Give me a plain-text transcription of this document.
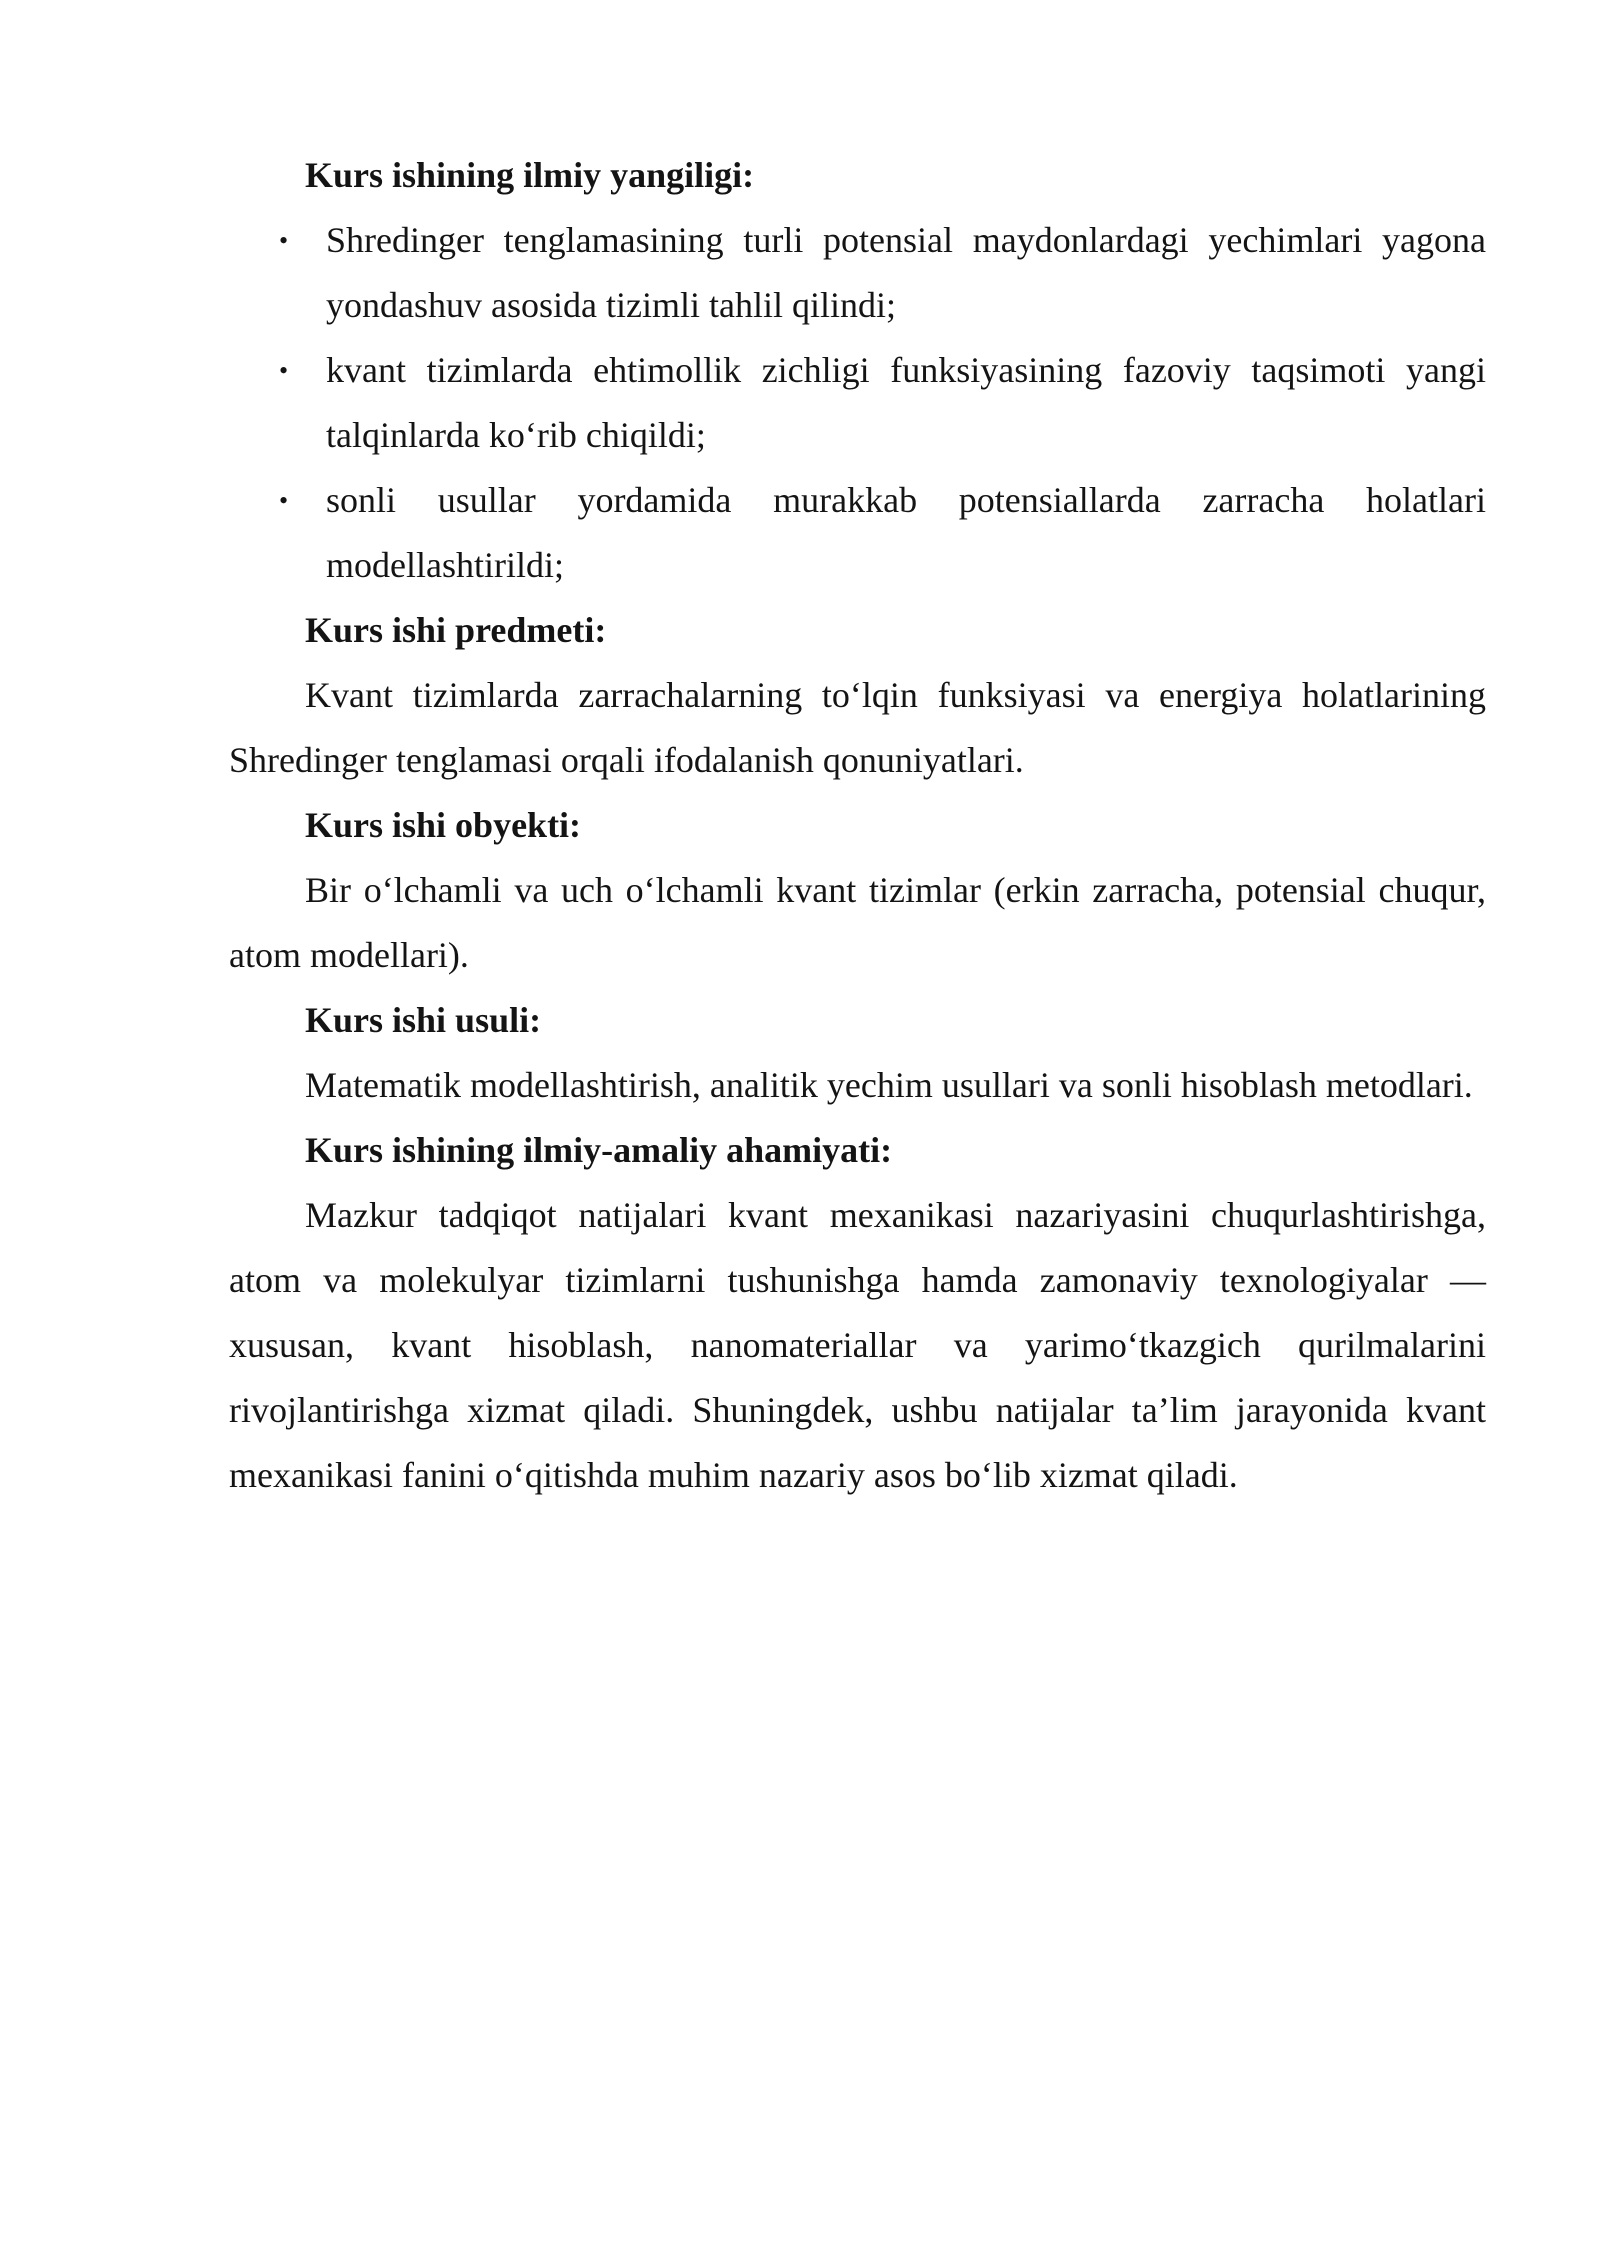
Kurs ishining ilmiy yangiligi:

• Shredinger tenglamasining turli potensial maydonlardagi yechimlari yagona yondashuv asosida tizimli tahlil qilindi;
• kvant tizimlarda ehtimollik zichligi funksiyasining fazoviy taqsimoti yangi talqinlarda ko‘rib chiqildi;
• sonli usullar yordamida murakkab potensiallarda zarracha holatlari modellashtirildi;

Kurs ishi predmeti:

Kvant tizimlarda zarrachalarning to‘lqin funksiyasi va energiya holatlarining Shredinger tenglamasi orqali ifodalanish qonuniyatlari.

Kurs ishi obyekti:

Bir o‘lchamli va uch o‘lchamli kvant tizimlar (erkin zarracha, potensial chuqur, atom modellari).

Kurs ishi usuli:

Matematik modellashtirish, analitik yechim usullari va sonli hisoblash metodlari.

Kurs ishining ilmiy-amaliy ahamiyati:

Mazkur tadqiqot natijalari kvant mexanikasi nazariyasini chuqurlashtirishga, atom va molekulyar tizimlarni tushunishga hamda zamonaviy texnologiyalar — xususan, kvant hisoblash, nanomateriallar va yarimo‘tkazgich qurilmalarini rivojlantirishga xizmat qiladi. Shuningdek, ushbu natijalar ta’lim jarayonida kvant mexanikasi fanini o‘qitishda muhim nazariy asos bo‘lib xizmat qiladi.
